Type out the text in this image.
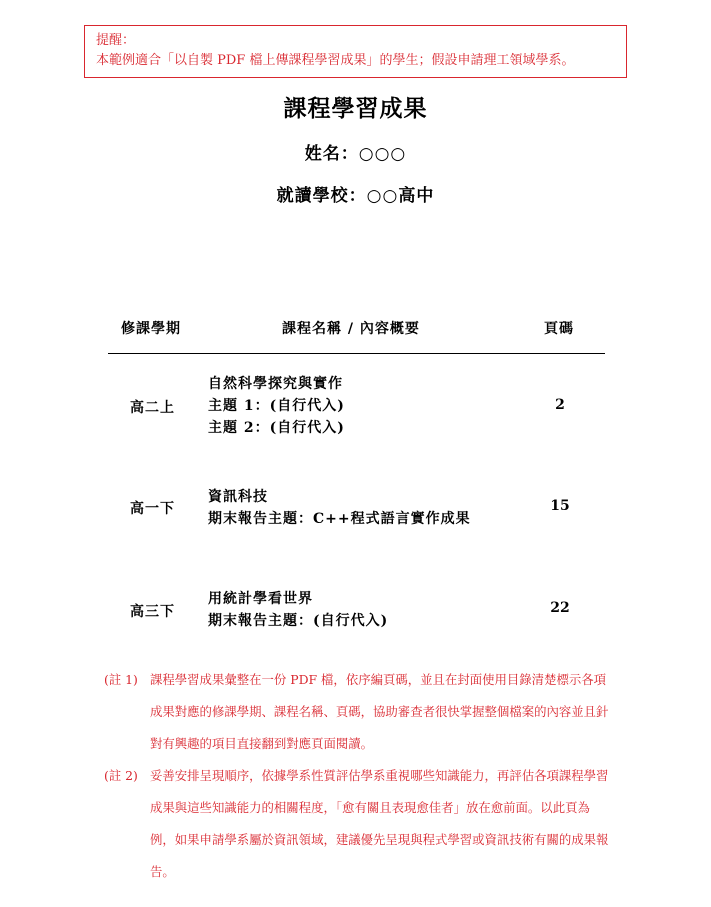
提醒：
本範例適合「以自製 PDF 檔上傳課程學習成果」的學生；假設申請理工領域學系。
課程學習成果
姓名：○○○
就讀學校：○○高中
修課學期	課程名稱 / 內容概要	頁碼
高二上
自然科學探究與實作
主題 1：(自行代入)
主題 2：(自行代入)
2
高一下
資訊科技
期末報告主題：C++程式語言實作成果
15
高三下
用統計學看世界
期末報告主題：(自行代入)
22
(註 1) 課程學習成果彙整在一份 PDF 檔，依序編頁碼，並且在封面使用目錄清楚標示各項成果對應的修課學期、課程名稱、頁碼，協助審查者很快掌握整個檔案的內容並且針對有興趣的項目直接翻到對應頁面閱讀。
(註 2) 妥善安排呈現順序，依據學系性質評估學系重視哪些知識能力，再評估各項課程學習成果與這些知識能力的相關程度，「愈有關且表現愈佳者」放在愈前面。以此頁為例，如果申請學系屬於資訊領域，建議優先呈現與程式學習或資訊技術有關的成果報告。
